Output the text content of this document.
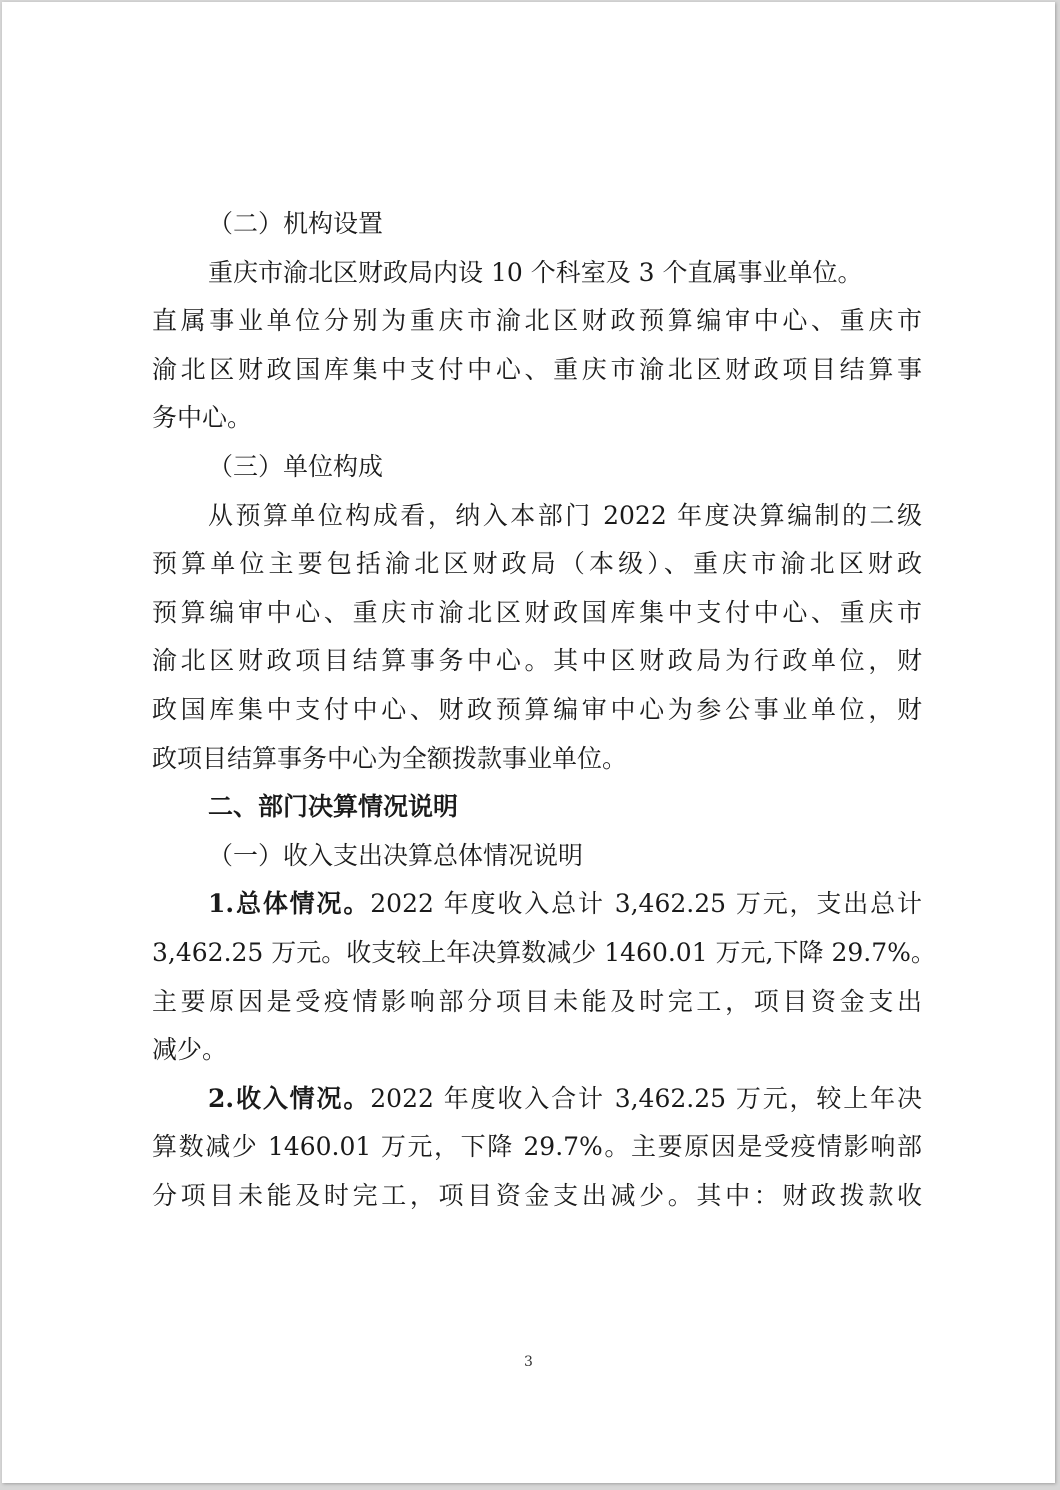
（二）机构设置
重庆市渝北区财政局内设 10 个科室及 3 个直属事业单位。
直属事业单位分别为重庆市渝北区财政预算编审中心、重庆市
渝北区财政国库集中支付中心、重庆市渝北区财政项目结算事
务中心。
（三）单位构成
从预算单位构成看，纳入本部门 2022 年度决算编制的二级
预算单位主要包括渝北区财政局（本级）、重庆市渝北区财政
预算编审中心、重庆市渝北区财政国库集中支付中心、重庆市
渝北区财政项目结算事务中心。其中区财政局为行政单位，财
政国库集中支付中心、财政预算编审中心为参公事业单位，财
政项目结算事务中心为全额拨款事业单位。
二、部门决算情况说明
（一）收入支出决算总体情况说明
1.总体情况。2022 年度收入总计 3,462.25 万元，支出总计
3,462.25 万元。收支较上年决算数减少 1460.01 万元,下降 29.7%。
主要原因是受疫情影响部分项目未能及时完工，项目资金支出
减少。
2.收入情况。2022 年度收入合计 3,462.25 万元，较上年决
算数减少 1460.01 万元，下降 29.7%。主要原因是受疫情影响部
分项目未能及时完工，项目资金支出减少。其中：财政拨款收
3
